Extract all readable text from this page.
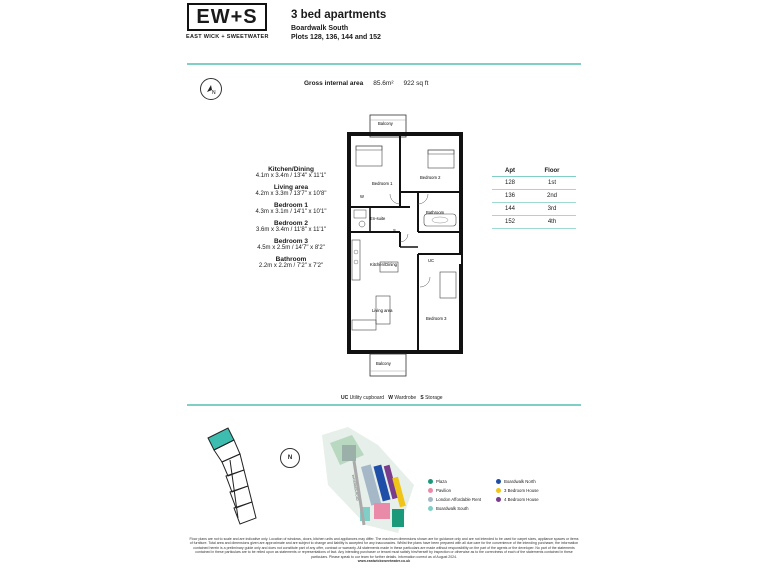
EW+S
EAST WICK + SWEETWATER
3 bed apartments
Boardwalk South
Plots 128, 136, 144 and 152
N
Gross internal area 85.6m² 922 sq ft
Kitchen/Dining
4.1m x 3.4m / 13'4" x 11'1"
Living area
4.2m x 3.3m / 13'7" x 10'8"
Bedroom 1
4.3m x 3.1m / 14'1" x 10'1"
Bedroom 2
3.6m x 3.4m / 11'8" x 11'1"
Bedroom 3
4.5m x 2.5m / 14'7" x 8'2"
Bathroom
2.2m x 2.2m / 7'2" x 7'2"
Balcony
Bedroom 1
Bedroom 2
En-suite
Bathroom
Kitchen/Dining
Living area
Bedroom 3
UC
Balcony
W
S
Apt	Floor
128	1st
136	2nd
144	3rd
152	4th
UC Utility cupboard W Wardrobe S Storage
N
WATERDEN ROAD	Plaza
Pavilion
London Affordable Rent
Boardwalk South
Boardwalk North
3 Bedroom House
4 Bedroom House
Floor plans are not to scale and are indicative only. Location of windows, doors, kitchen units and appliances may differ. The maximum dimensions shown are for guidance only and are not intended to be used for carpet sizes, appliance spaces or items of furniture. Total area and dimensions given are approximate and are subject to change and liability is accepted for any inaccuracies. Whilst the plans have been prepared with all due care for the convenience of the intending purchaser, the information contained herein is a preliminary guide only and does not constitute part of any offer, contract or warranty. All statements made in these particulars are made without responsibility on the part of the agents or the developer. No part of the statements contained in these particulars are to be relied upon as statements or representations of fact. Any intending purchaser or tenant must satisfy him/herself by inspection or otherwise as to the correctness of each of the statements contained in these particulars. Please speak to our team for further details. Information correct as of August 2024.
www.eastwicksweetwater.co.uk
